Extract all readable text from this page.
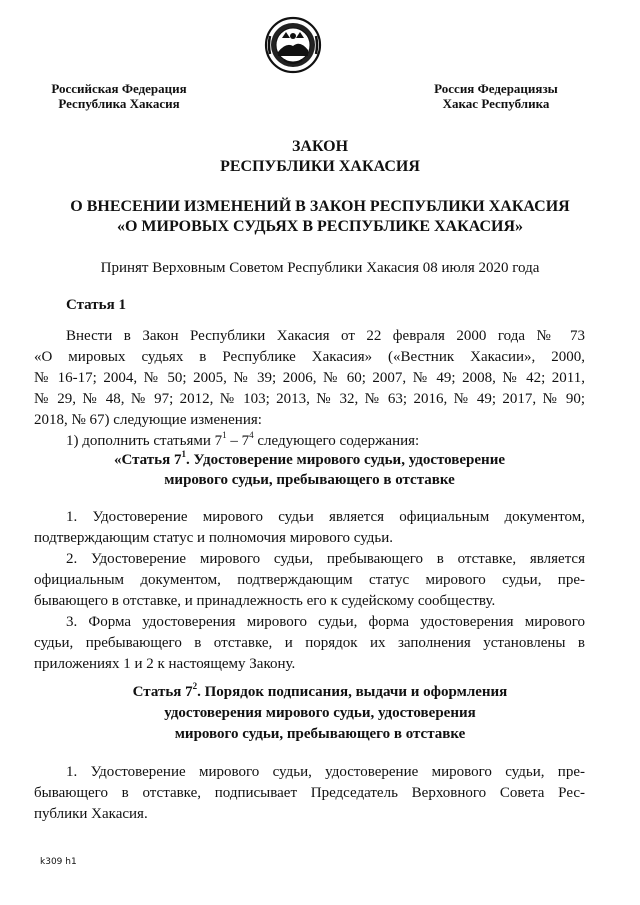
Российская Федерация
Республика Хакасия
Россия Федерациязы
Хакас Республика
ЗАКОН
РЕСПУБЛИКИ ХАКАСИЯ
О ВНЕСЕНИИ ИЗМЕНЕНИЙ В ЗАКОН РЕСПУБЛИКИ ХАКАСИЯ
«О МИРОВЫХ СУДЬЯХ В РЕСПУБЛИКЕ ХАКАСИЯ»
Принят Верховным Советом Республики Хакасия 08 июля 2020 года
Статья 1

Внести в Закон Республики Хакасия от 22 февраля 2000 года № 73

«О мировых судьях в Республике Хакасия» («Вестник Хакасии», 2000,

№ 16-17; 2004, № 50; 2005, № 39; 2006, № 60; 2007, № 49; 2008, № 42; 2011,

№ 29, № 48, № 97; 2012, № 103; 2013, № 32, № 63; 2016, № 49; 2017, № 90;

2018, № 67) следующие изменения:

1) дополнить статьями $7^1 - 7^4$ следующего содержания:
«Статья $7^1$. Удостоверение мирового судьи, удостоверение
мирового судьи, пребывающего в отставке

1. Удостоверение мирового судьи является официальным документом,

подтверждающим статус и полномочия мирового судьи.

2. Удостоверение мирового судьи, пребывающего в отставке, является

официальным документом, подтверждающим статус мирового судьи, пре-

бывающего в отставке, и принадлежность его к судейскому сообществу.

3. Форма удостоверения мирового судьи, форма удостоверения мирового

судьи, пребывающего в отставке, и порядок их заполнения установлены в

приложениях 1 и 2 к настоящему Закону.

Статья $7^2$. Порядок подписания, выдачи и оформления
удостоверения мирового судьи, удостоверения
мирового судьи, пребывающего в отставке

1. Удостоверение мирового судьи, удостоверение мирового судьи, пре-

бывающего в отставке, подписывает Председатель Верховного Совета Рес-

публики Хакасия.

k309 h1
